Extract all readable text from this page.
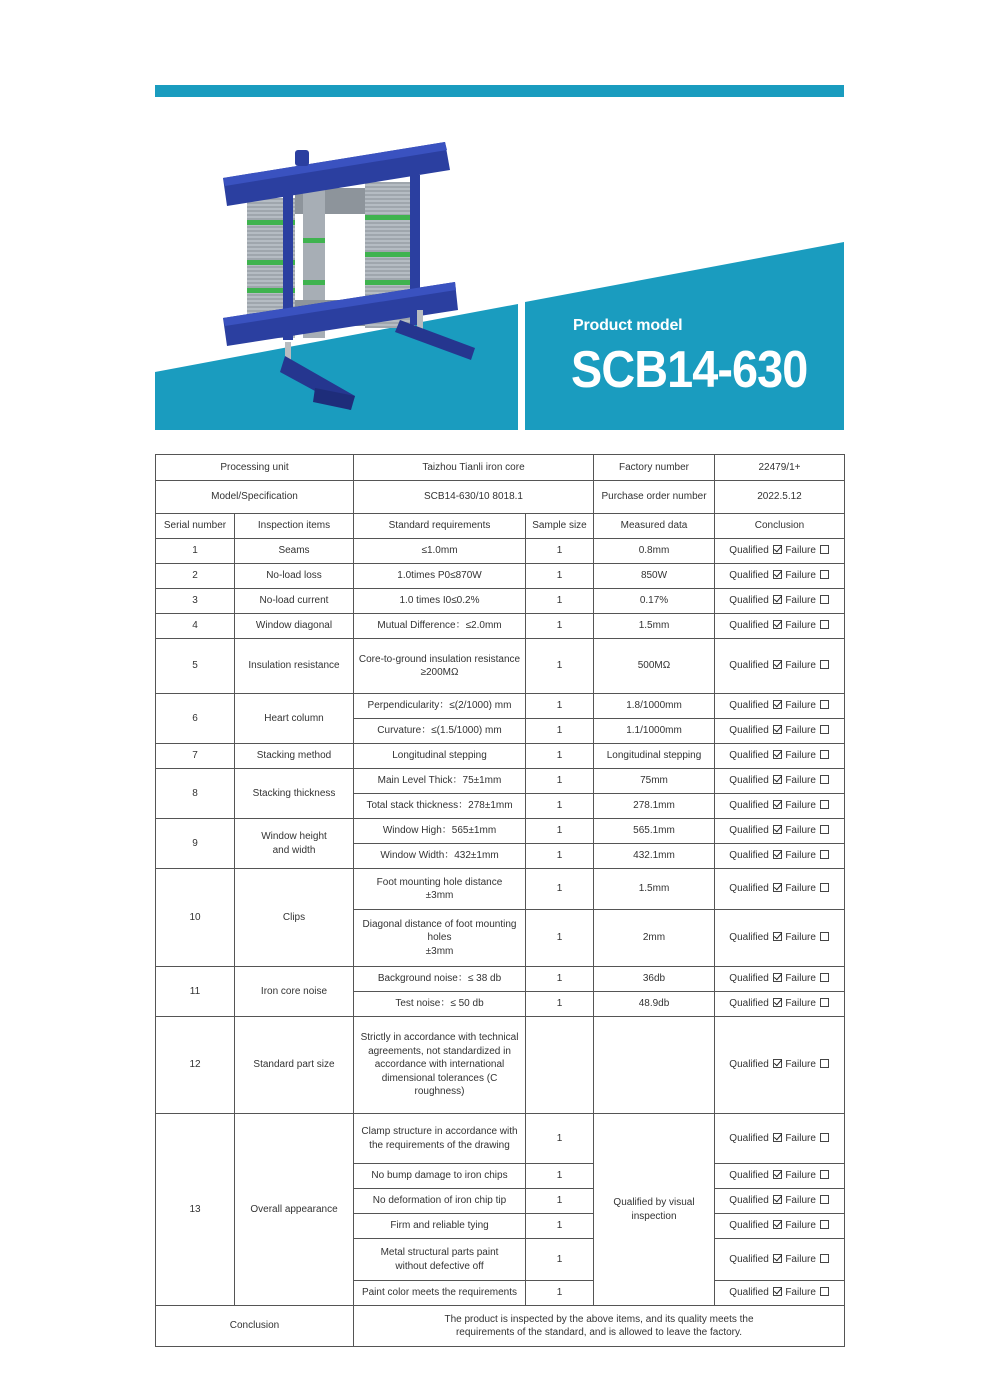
Product model
SCB14-630
Processing unit		Taizhou Tianli iron core		Factory number	22479/1+
Model/Specification		SCB14-630/10 8018.1		Purchase order number	2022.5.12
Serial number	Inspection items	Standard requirements	Sample size	Measured data	Conclusion
1	Seams	≤1.0mm	1	0.8mm	Qualified Failure
2	No-load loss	1.0times P0≤870W	1	850W	Qualified Failure
3	No-load current	1.0 times I0≤0.2%	1	0.17%	Qualified Failure
4	Window diagonal	Mutual Difference：≤2.0mm	1	1.5mm	Qualified Failure
5	Insulation resistance	Core-to-ground insulation resistance
≥200MΩ	1	500MΩ	Qualified Failure
6	Heart column	Perpendicularity：≤(2/1000) mm	1	1.8/1000mm	Qualified Failure
		Curvature：≤(1.5/1000) mm	1	1.1/1000mm	Qualified Failure
7	Stacking method	Longitudinal stepping	1	Longitudinal stepping	Qualified Failure
8	Stacking thickness	Main Level Thick：75±1mm	1	75mm	Qualified Failure
		Total stack thickness：278±1mm	1	278.1mm	Qualified Failure
9	Window height
and width	Window High：565±1mm	1	565.1mm	Qualified Failure
		Window Width：432±1mm	1	432.1mm	Qualified Failure
10	Clips	Foot mounting hole distance
±3mm	1	1.5mm	Qualified Failure
		Diagonal distance of foot mounting
holes
±3mm	1	2mm	Qualified Failure
11	Iron core noise	Background noise：≤ 38 db	1	36db	Qualified Failure
		Test noise：≤ 50 db	1	48.9db	Qualified Failure
12	Standard part size	Strictly in accordance with technical agreements, not standardized in accordance with international dimensional tolerances (C roughness)			Qualified Failure
13	Overall appearance	Clamp structure in accordance with
the requirements of the drawing	1	Qualified by visual inspection	Qualified Failure
		No bump damage to iron chips	1		Qualified Failure
		No deformation of iron chip tip	1		Qualified Failure
		Firm and reliable tying	1		Qualified Failure
		Metal structural parts paint
without defective off	1		Qualified Failure
		Paint color meets the requirements	1		Qualified Failure
Conclusion		The product is inspected by the above items, and its quality meets the
requirements of the standard, and is allowed to leave the factory.			
